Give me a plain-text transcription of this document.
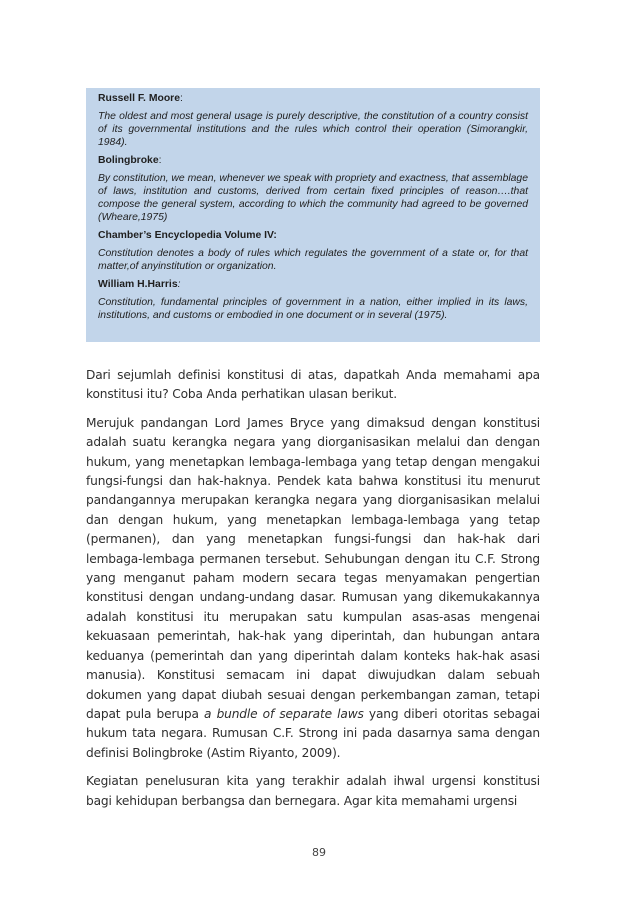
Russell F. Moore:
The oldest and most general usage is purely descriptive, the constitution of a country consist of its governmental institutions and the rules which control their operation (Simorangkir, 1984).
Bolingbroke:
By constitution, we mean, whenever we speak with propriety and exactness, that assemblage of laws, institution and customs, derived from certain fixed principles of reason….that compose the general system, according to which the community had agreed to be governed (Wheare,1975)
Chamber’s Encyclopedia Volume IV:
Constitution denotes a body of rules which regulates the government of a state or, for that matter,of anyinstitution or organization.
William H.Harris:
Constitution, fundamental principles of government in a nation, either implied in its laws, institutions, and customs or embodied in one document or in several (1975).

Dari sejumlah definisi konstitusi di atas, dapatkah Anda memahami apa konstitusi itu? Coba Anda perhatikan ulasan berikut.

Merujuk pandangan Lord James Bryce yang dimaksud dengan konstitusi adalah suatu kerangka negara yang diorganisasikan melalui dan dengan hukum, yang menetapkan lembaga-lembaga yang tetap dengan mengakui fungsi-fungsi dan hak-haknya. Pendek kata bahwa konstitusi itu menurut pandangannya merupakan kerangka negara yang diorganisasikan melalui dan dengan hukum, yang menetapkan lembaga-lembaga yang tetap (permanen), dan yang menetapkan fungsi-fungsi dan hak-hak dari lembaga-lembaga permanen tersebut. Sehubungan dengan itu C.F. Strong yang menganut paham modern secara tegas menyamakan pengertian konstitusi dengan undang-undang dasar. Rumusan yang dikemukakannya adalah konstitusi itu merupakan satu kumpulan asas-asas mengenai kekuasaan pemerintah, hak-hak yang diperintah, dan hubungan antara keduanya (pemerintah dan yang diperintah dalam konteks hak-hak asasi manusia). Konstitusi semacam ini dapat diwujudkan dalam sebuah dokumen yang dapat diubah sesuai dengan perkembangan zaman, tetapi dapat pula berupa a bundle of separate laws yang diberi otoritas sebagai hukum tata negara. Rumusan C.F. Strong ini pada dasarnya sama dengan definisi Bolingbroke (Astim Riyanto, 2009).

Kegiatan penelusuran kita yang terakhir adalah ihwal urgensi konstitusi bagi kehidupan berbangsa dan bernegara. Agar kita memahami urgensi

89
